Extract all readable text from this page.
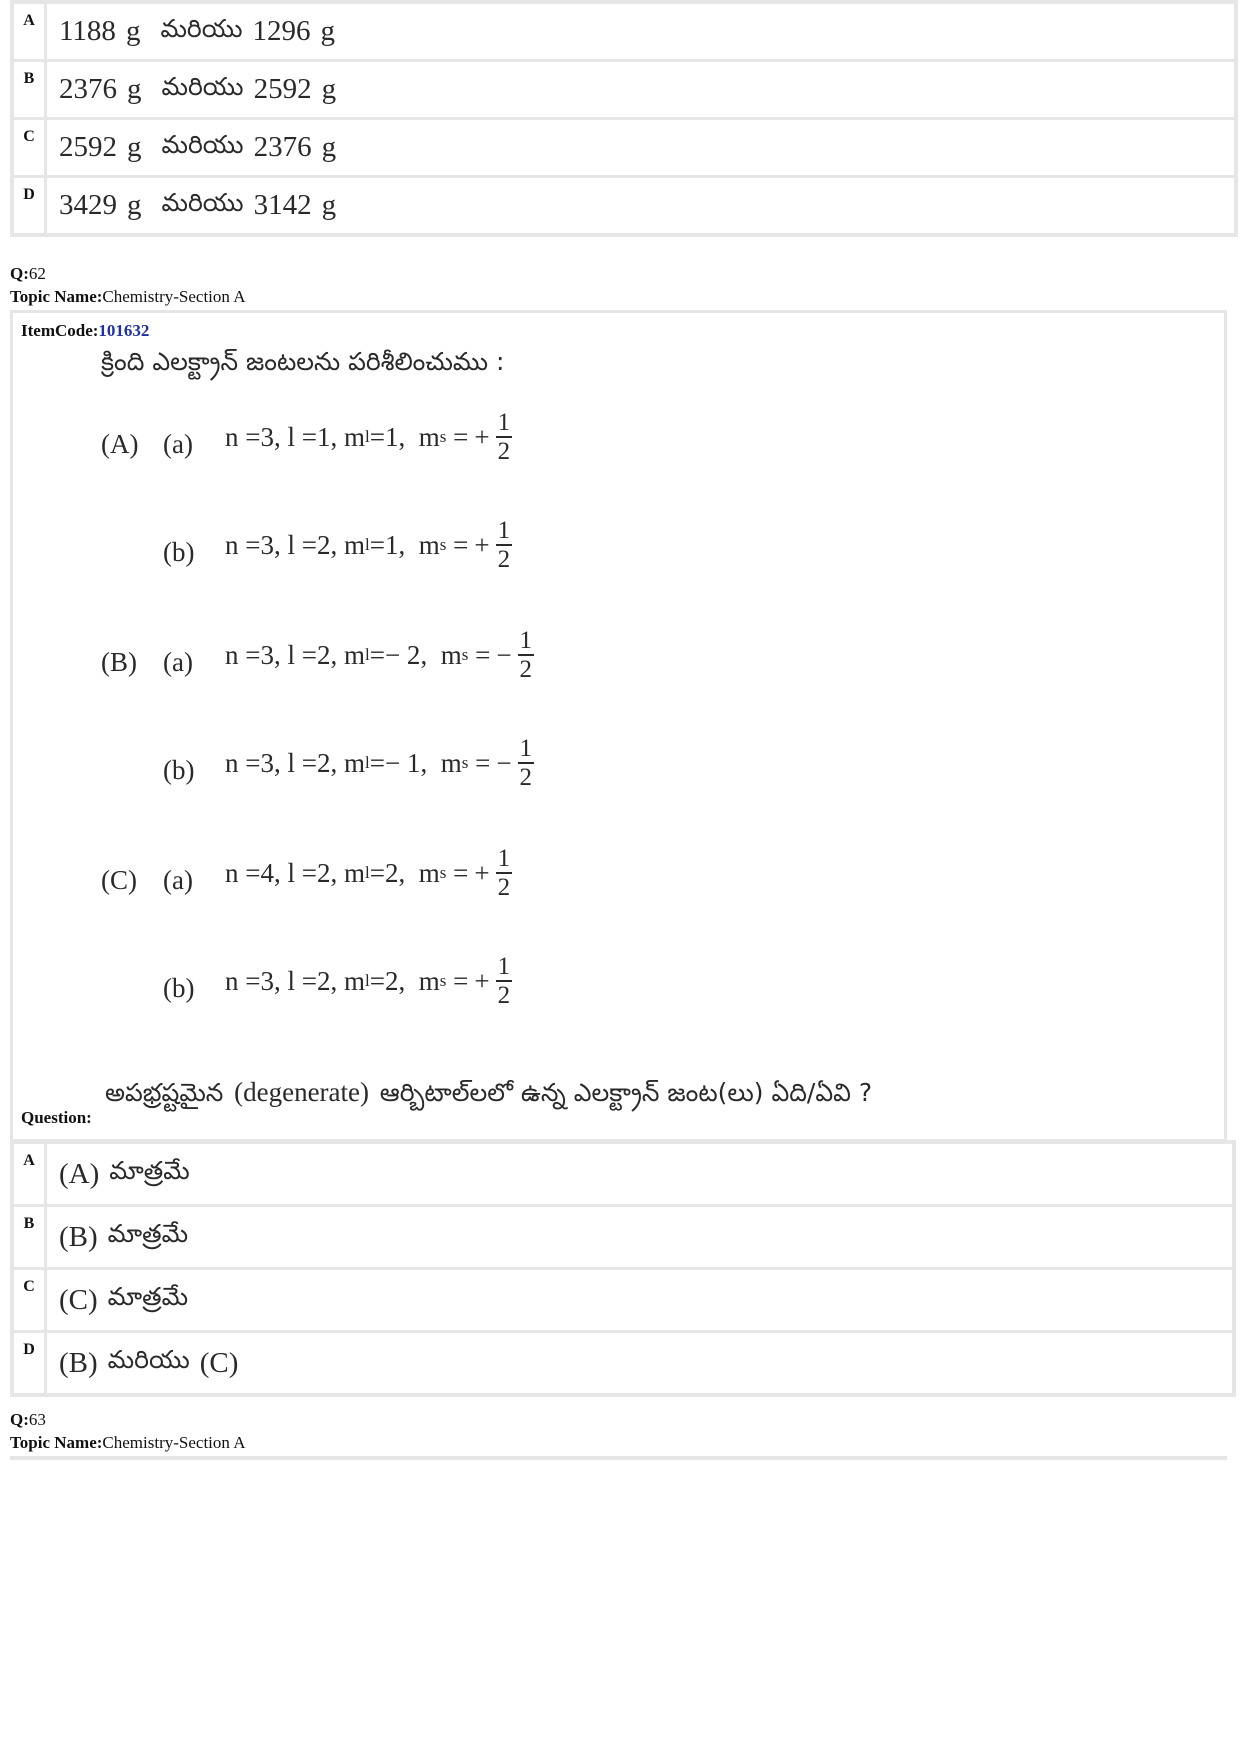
A 1188 g మరియు 1296 g
B 2376 g మరియు 2592 g
C 2592 g మరియు 2376 g
D 3429 g మరియు 3142 g
Q:62
Topic Name:Chemistry-Section A
ItemCode:101632
క్రింది ఎలక్ట్రాన్ జంటలను పరిశీలించుము :
(A) (a) n = 3 , l = 1 , m l = 1 ,  m s = + $\frac{1}{2}$
(b) n = 3 , l = 2 , m l = 1 ,  m s = + $\frac{1}{2}$
(B) (a) n = 3 , l = 2 , m l = − 2 ,  m s = − $\frac{1}{2}$
(b) n = 3 , l = 2 , m l = − 1 ,  m s = − $\frac{1}{2}$
(C) (a) n = 4 , l = 2 , m l = 2 ,  m s = + $\frac{1}{2}$
(b) n = 3 , l = 2 , m l = 2 ,  m s = + $\frac{1}{2}$
అపభ్రష్టమైన (degenerate) ఆర్బిటాల్‌లలో ఉన్న ఎలక్ట్రాన్ జంట(లు) ఏది/ఏవి ?
Question:
A (A) మాత్రమే
B (B) మాత్రమే
C (C) మాత్రమే
D (B) మరియు (C)
Q:63
Topic Name:Chemistry-Section A
